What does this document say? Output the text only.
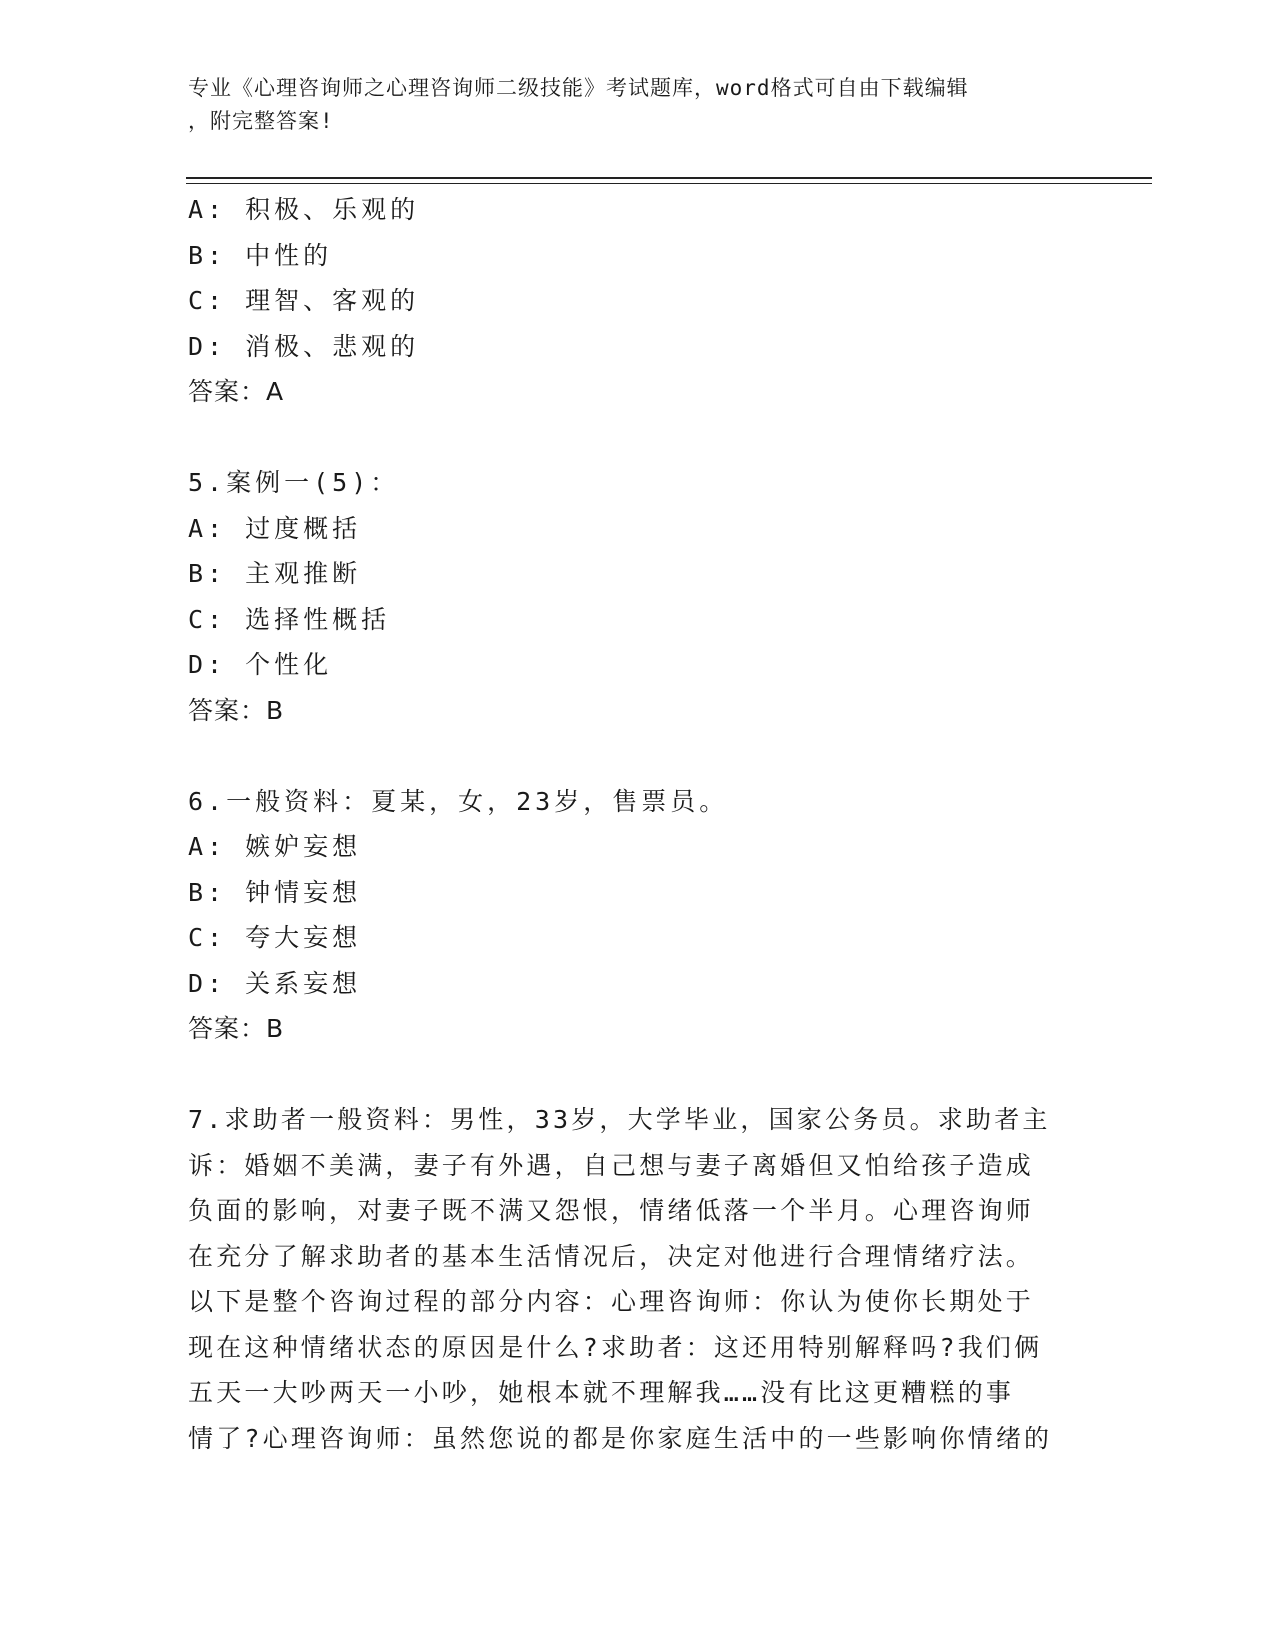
专业《心理咨询师之心理咨询师二级技能》考试题库，word格式可自由下载编辑
，附完整答案!
A: 积极、乐观的
B: 中性的
C: 理智、客观的
D: 消极、悲观的
答案：A
5.案例一(5)：
A: 过度概括
B: 主观推断
C: 选择性概括
D: 个性化
答案：B
6.一般资料：夏某，女，23岁，售票员。
A: 嫉妒妄想
B: 钟情妄想
C: 夸大妄想
D: 关系妄想
答案：B
7.求助者一般资料：男性，33岁，大学毕业，国家公务员。求助者主
诉：婚姻不美满，妻子有外遇，自己想与妻子离婚但又怕给孩子造成
负面的影响，对妻子既不满又怨恨，情绪低落一个半月。心理咨询师
在充分了解求助者的基本生活情况后，决定对他进行合理情绪疗法。
以下是整个咨询过程的部分内容：心理咨询师：你认为使你长期处于
现在这种情绪状态的原因是什么?求助者：这还用特别解释吗?我们俩
五天一大吵两天一小吵，她根本就不理解我……没有比这更糟糕的事
情了?心理咨询师：虽然您说的都是你家庭生活中的一些影响你情绪的
